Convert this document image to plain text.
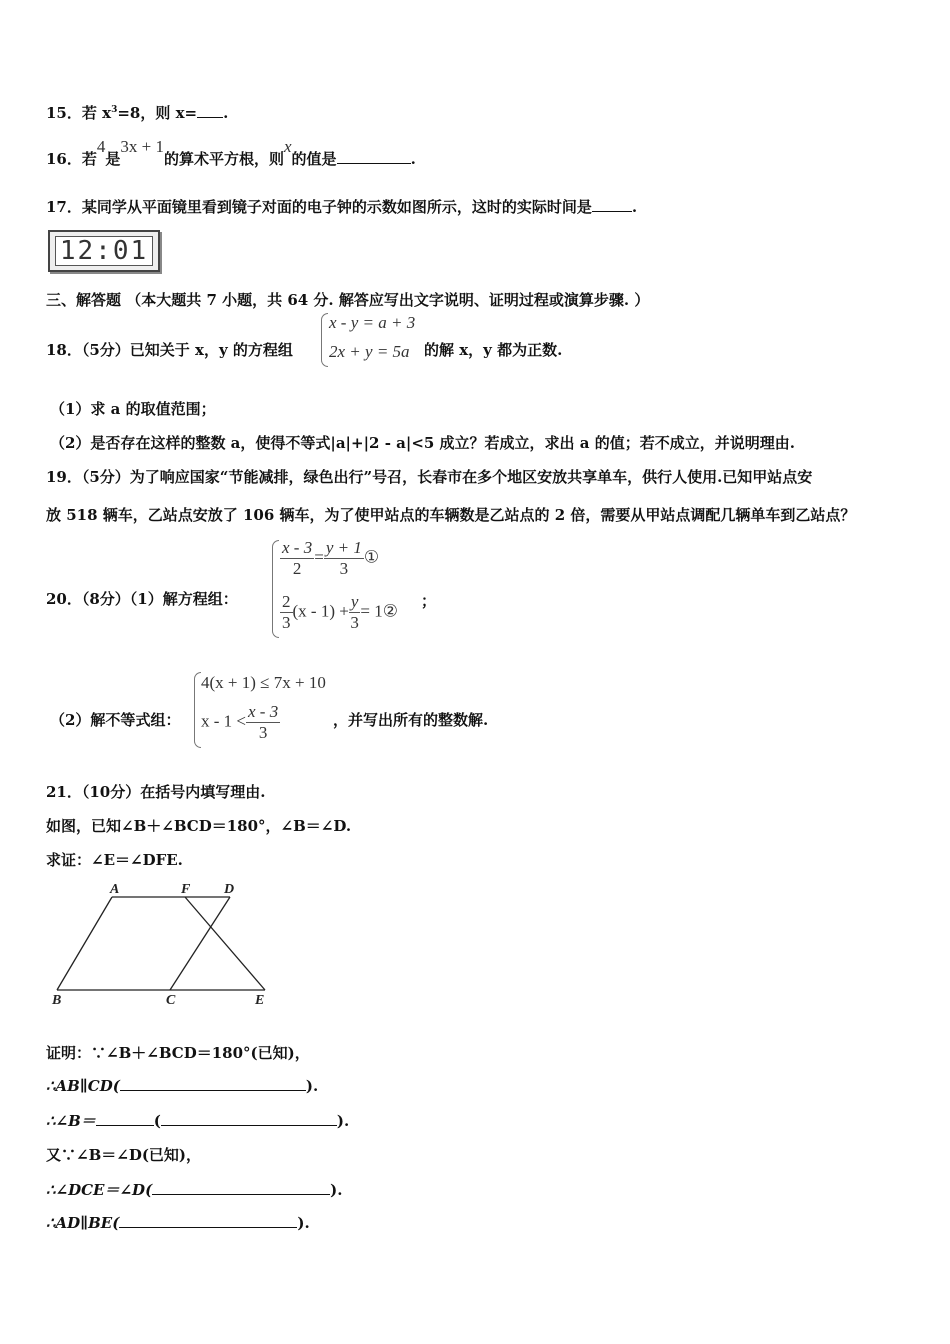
15．若 $x^3=8$，则 x= .
16．若4是3x + 1的算术平方根，则x的值是	.
17．某同学从平面镜里看到镜子对面的电子钟的示数如图所示，这时的实际时间是	.
12:01
三、解答题 （本大题共 7 小题，共 64 分. 解答应写出文字说明、证明过程或演算步骤. ）
18．（5分）已知关于 x，y 的方程组
x - y = a + 3
2x + y = 5a 的解 x，y 都为正数.
（1）求 a 的取值范围；
（2）是否存在这样的整数 a，使得不等式|a|+|2 - a|<5 成立？若成立，求出 a 的值；若不成立，并说明理由.
19．（5分）为了响应国家“节能减排，绿色出行”号召，长春市在多个地区安放共享单车，供行人使用.已知甲站点安
放 518 辆车，乙站点安放了 106 辆车，为了使甲站点的车辆数是乙站点的 2 倍，需要从甲站点调配几辆单车到乙站点？
20．（8分）（1）解方程组：
$\frac{x - 3}{2} = \frac{y + 1}{3}$ ①
$\frac{2}{3} (x - 1) + \frac{y}{3}$ = 1②
；
（2）解不等式组：
4(x + 1) ≤ 7x + 10
$x - 1 < \frac{x - 3}{3}$	，并写出所有的整数解.
21．（10分）在括号内填写理由.
如图，已知∠B＋∠BCD＝180°，∠B＝∠D.
求证：∠E＝∠DFE.
A	F D
B	C	E
证明：∵∠B＋∠BCD＝180°(已知)，
∴AB∥CD(	).
∴∠B＝	(	).
又∵∠B＝∠D(已知)，
∴∠DCE＝∠D(	).
∴AD∥BE(	).
